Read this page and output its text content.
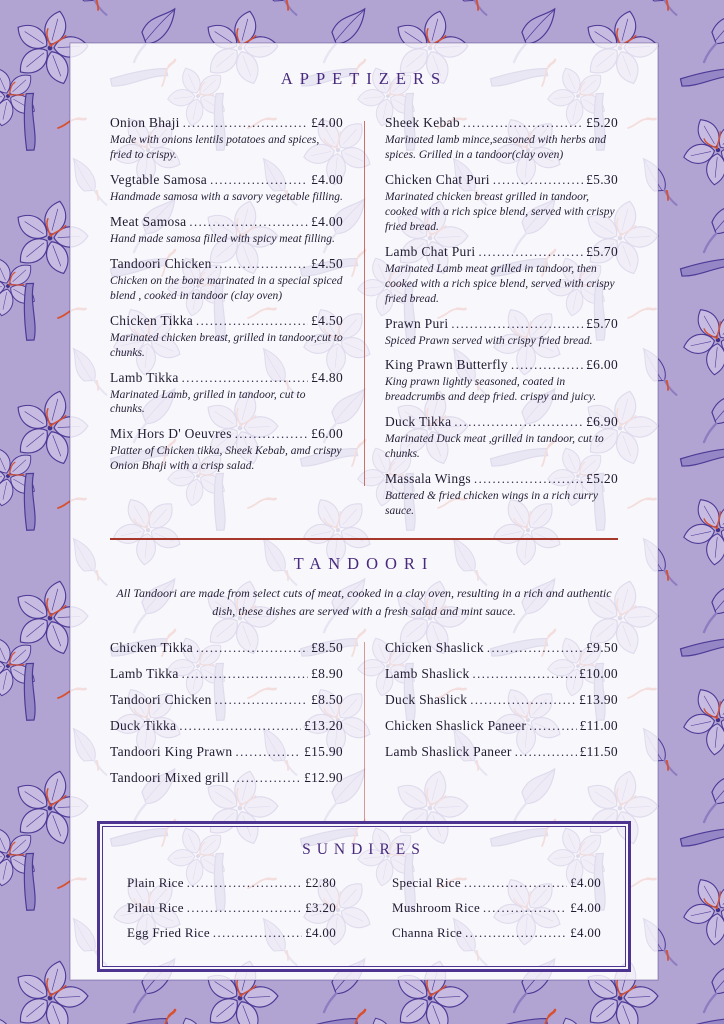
APPETIZERS
Onion Bhaji .....	£4.00
Made with onions lentils potatoes and spices, fried to crispy.
Vegtable Samosa .....	£4.00
Handmade samosa with a savory vegetable filling.
Meat Samosa .....	£4.00
Hand made samosa filled with spicy meat filling.
Tandoori Chicken .....	£4.50
Chicken on the bone marinated in a special spiced blend , cooked in tandoor (clay oven)
Chicken Tikka .....	£4.50
Marinated chicken breast, grilled in tandoor,cut to chunks.
Lamb Tikka .....	£4.80
Marinated Lamb, grilled in tandoor, cut to chunks.
Mix Hors D' Oeuvres .....	£6.00
Platter of Chicken tikka, Sheek Kebab, amd crispy Onion Bhaji with a crisp salad.
Sheek Kebab .....	£5.20
Marinated lamb mince,seasoned with herbs and spices. Grilled in a tandoor(clay oven)
Chicken Chat Puri .....	£5.30
Marinated chicken breast grilled in tandoor, cooked with a rich spice blend, served with crispy fried bread.
Lamb Chat Puri .....	£5.70
Marinated Lamb meat grilled in tandoor, then cooked with a rich spice blend, served with crispy fried bread.
Prawn Puri .....	£5.70
Spiced Prawn served with crispy fried bread.
King Prawn Butterfly .....	£6.00
King prawn lightly seasoned, coated in breadcrumbs and deep fried. crispy and juicy.
Duck Tikka .....	£6.90
Marinated Duck meat ,grilled in tandoor, cut to chunks.
Massala Wings .....	£5.20
Battered & fried chicken wings in a rich curry sauce.
TANDOORI

All Tandoori are made from select cuts of meat, cooked in a clay oven, resulting in a rich and authentic dish, these dishes are served with a fresh salad and mint sauce.

Chicken Tikka .....	£8.50
Lamb Tikka .....	£8.90
Tandoori Chicken .....	£8.50
Duck Tikka .....	£13.20
Tandoori King Prawn .....	£15.90
Tandoori Mixed grill .....	£12.90
Chicken Shaslick .....	£9.50
Lamb Shaslick .....	£10.00
Duck Shaslick .....	£13.90
Chicken Shaslick Paneer .....	£11.00
Lamb Shaslick Paneer .....	£11.50
SUNDIRES
Plain Rice .....	£2.80
Pilau Rice .....	£3.20
Egg Fried Rice .....	£4.00
Special Rice .....	£4.00
Mushroom Rice .....	£4.00
Channa Rice .....	£4.00
